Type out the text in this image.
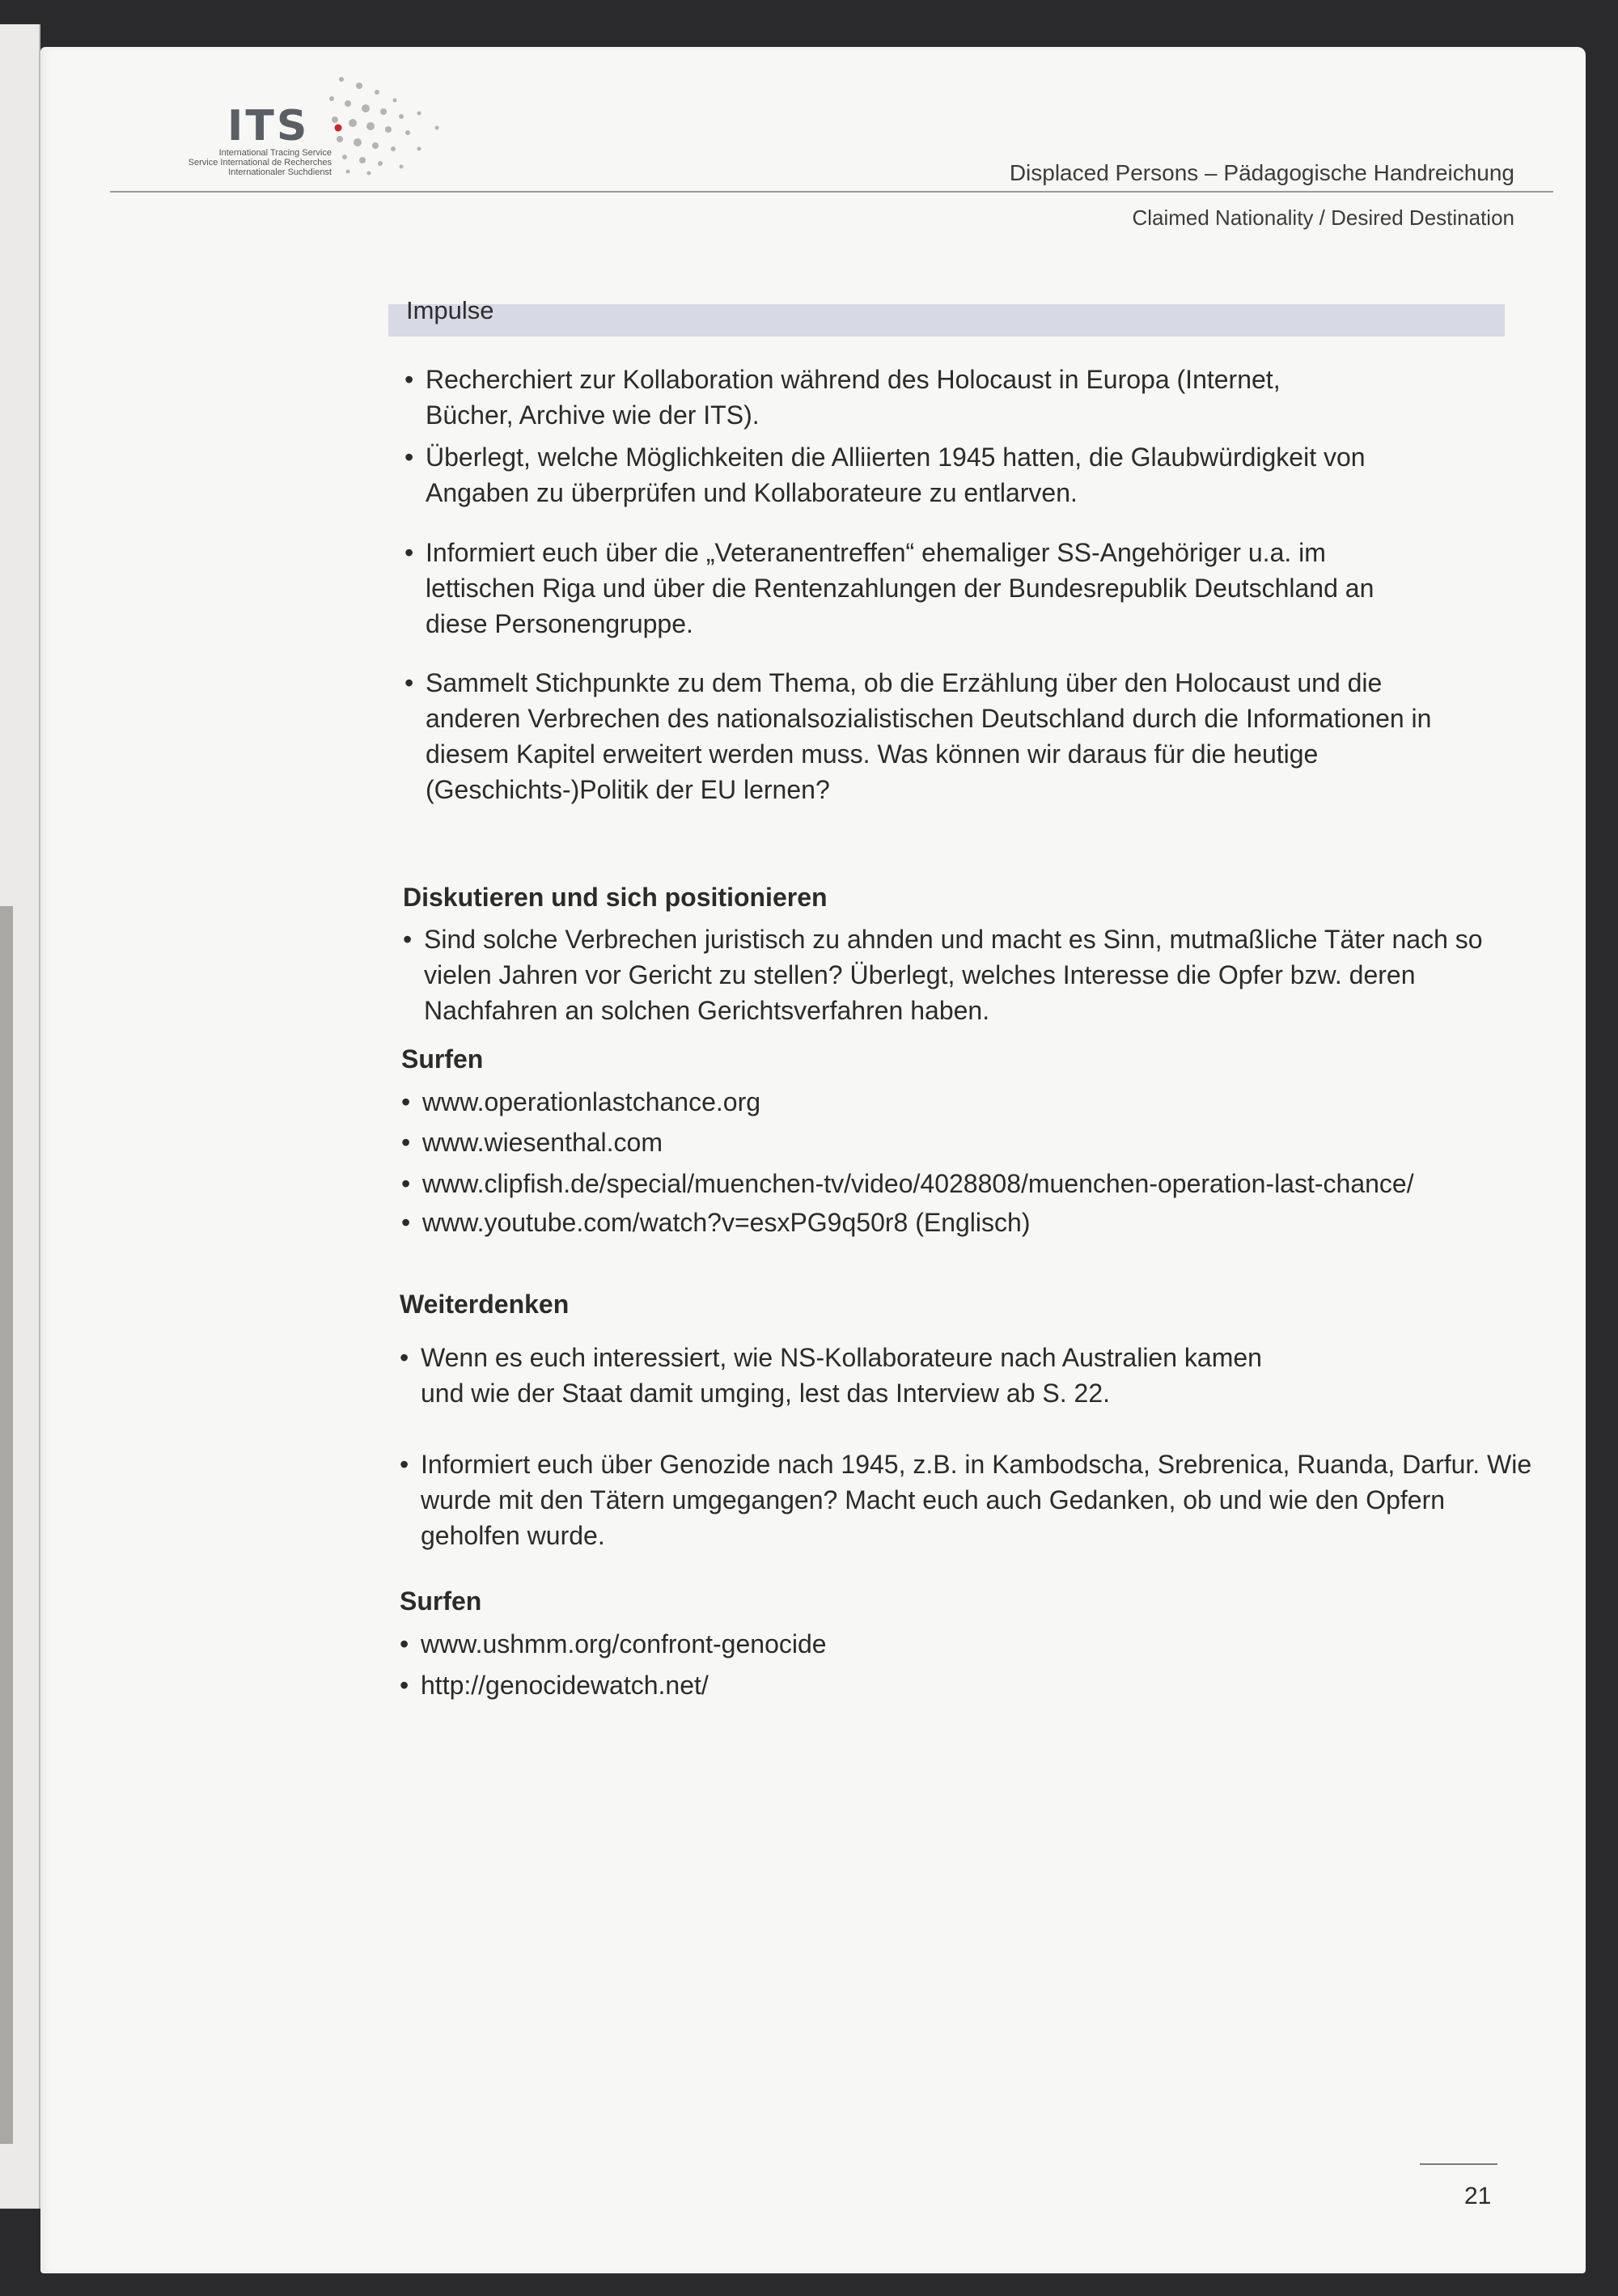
ITS
International Tracing Service
Service International de Recherches
Internationaler Suchdienst	Displaced Persons – Pädagogische Handreichung
Claimed Nationality / Desired Destination
Impulse
• Recherchiert zur Kollaboration während des Holocaust in Europa (Internet, Bücher, Archive wie der ITS).
• Überlegt, welche Möglichkeiten die Alliierten 1945 hatten, die Glaubwürdigkeit von Angaben zu überprüfen und Kollaborateure zu entlarven.
• Informiert euch über die „Veteranentreffen“ ehemaliger SS-Angehöriger u.a. im lettischen Riga und über die Rentenzahlungen der Bundesrepublik Deutschland an diese Personengruppe.
• Sammelt Stichpunkte zu dem Thema, ob die Erzählung über den Holocaust und die anderen Verbrechen des nationalsozialistischen Deutschland durch die Informationen in diesem Kapitel erweitert werden muss. Was können wir daraus für die heutige (Geschichts-)Politik der EU lernen?
Diskutieren und sich positionieren
• Sind solche Verbrechen juristisch zu ahnden und macht es Sinn, mutmaßliche Täter nach so vielen Jahren vor Gericht zu stellen? Überlegt, welches Interesse die Opfer bzw. deren Nachfahren an solchen Gerichtsverfahren haben.
Surfen
• www.operationlastchance.org
• www.wiesenthal.com
• www.clipfish.de/special/muenchen-tv/video/4028808/muenchen-operation-last-chance/
• www.youtube.com/watch?v=esxPG9q50r8 (Englisch)
Weiterdenken
• Wenn es euch interessiert, wie NS-Kollaborateure nach Australien kamen und wie der Staat damit umging, lest das Interview ab S. 22.
• Informiert euch über Genozide nach 1945, z.B. in Kambodscha, Srebrenica, Ruanda, Darfur. Wie wurde mit den Tätern umgegangen? Macht euch auch Gedanken, ob und wie den Opfern geholfen wurde.
Surfen
• www.ushmm.org/confront-genocide
• http://genocidewatch.net/
21
